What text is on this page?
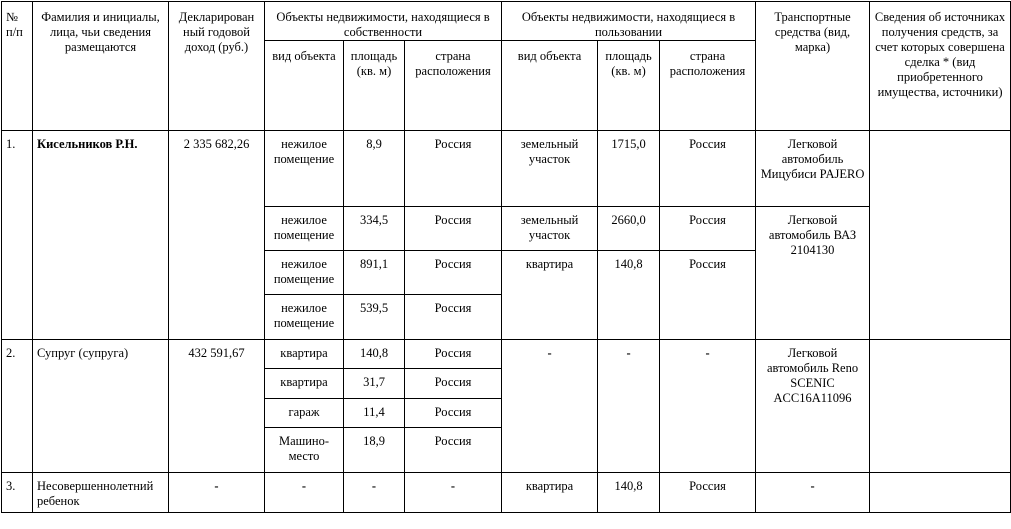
№ п/п	Фамилия и инициалы, лица, чьи сведения размещаются	Декларирован ный годовой доход (руб.)	Объекты недвижимости, находящиеся в собственности			Объекты недвижимости, находящиеся в пользовании			Транспортные средства (вид, марка)	Сведения об источниках получения средств, за счет которых совершена сделка * (вид приобретенного имущества, источники)
			вид объекта	площадь (кв. м)	страна расположения	вид объекта	площадь (кв. м)	страна расположения		
1.	Кисельников Р.Н.	2 335 682,26	нежилое помещение	8,9	Россия	земельный участок	1715,0	Россия	Легковой автомобиль Мицубиси PAJERO	
			нежилое помещение	334,5	Россия	земельный участок	2660,0	Россия	Легковой автомобиль ВАЗ 2104130	
			нежилое помещение	891,1	Россия	квартира	140,8	Россия		
			нежилое помещение	539,5	Россия					
2.	Супруг (супруга)	432 591,67	квартира	140,8	Россия	-	-	-	Легковой автомобиль Reno SCENIC ACC16A11096	
			квартира	31,7	Россия					
			гараж	11,4	Россия					
			Машино-место	18,9	Россия					
3.	Несовершеннолетний ребенок	-	-	-	-	квартира	140,8	Россия	-	
